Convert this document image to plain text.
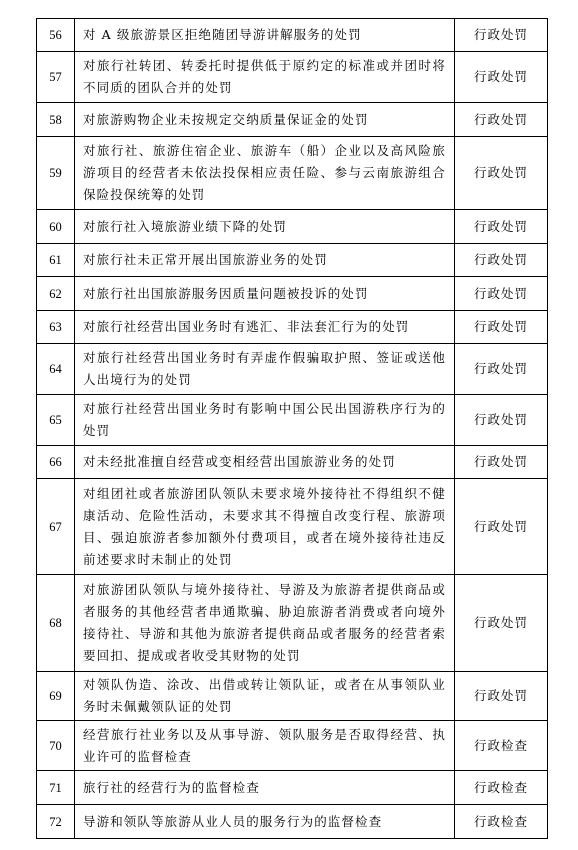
56	对 A 级旅游景区拒绝随团导游讲解服务的处罚	行政处罚
57	对旅行社转团、转委托时提供低于原约定的标准或并团时将不同质的团队合并的处罚	行政处罚
58	对旅游购物企业未按规定交纳质量保证金的处罚	行政处罚
59	对旅行社、旅游住宿企业、旅游车（船）企业以及高风险旅游项目的经营者未依法投保相应责任险、参与云南旅游组合保险投保统筹的处罚	行政处罚
60	对旅行社入境旅游业绩下降的处罚	行政处罚
61	对旅行社未正常开展出国旅游业务的处罚	行政处罚
62	对旅行社出国旅游服务因质量问题被投诉的处罚	行政处罚
63	对旅行社经营出国业务时有逃汇、非法套汇行为的处罚	行政处罚
64	对旅行社经营出国业务时有弄虚作假骗取护照、签证或送他人出境行为的处罚	行政处罚
65	对旅行社经营出国业务时有影响中国公民出国游秩序行为的处罚	行政处罚
66	对未经批准擅自经营或变相经营出国旅游业务的处罚	行政处罚
67	对组团社或者旅游团队领队未要求境外接待社不得组织不健康活动、危险性活动，未要求其不得擅自改变行程、旅游项目、强迫旅游者参加额外付费项目，或者在境外接待社违反前述要求时未制止的处罚	行政处罚
68	对旅游团队领队与境外接待社、导游及为旅游者提供商品或者服务的其他经营者串通欺骗、胁迫旅游者消费或者向境外接待社、导游和其他为旅游者提供商品或者服务的经营者索要回扣、提成或者收受其财物的处罚	行政处罚
69	对领队伪造、涂改、出借或转让领队证，或者在从事领队业务时未佩戴领队证的处罚	行政处罚
70	经营旅行社业务以及从事导游、领队服务是否取得经营、执业许可的监督检查	行政检查
71	旅行社的经营行为的监督检查	行政检查
72	导游和领队等旅游从业人员的服务行为的监督检查	行政检查
